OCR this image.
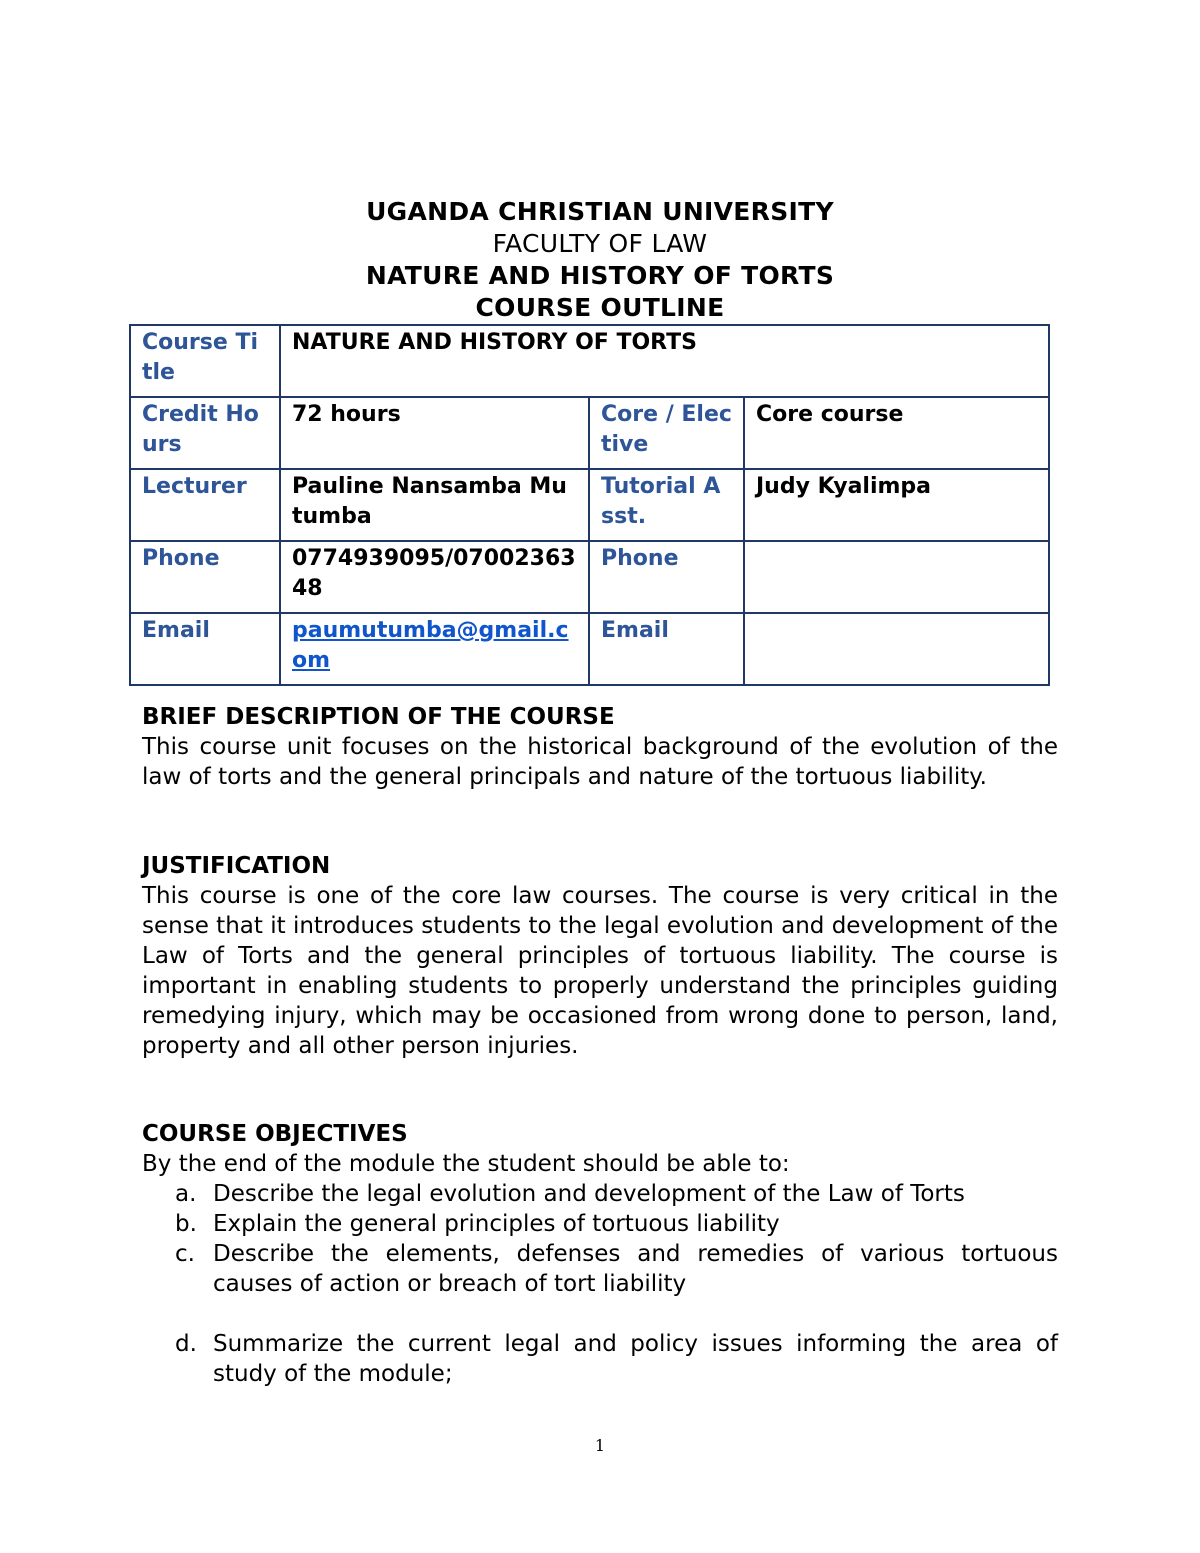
UGANDA CHRISTIAN UNIVERSITY
FACULTY OF LAW
NATURE AND HISTORY OF TORTS
COURSE OUTLINE
Course Title	NATURE AND HISTORY OF TORTS		
Credit Hours	72 hours	Core / Elective	Core course
Lecturer	Pauline Nansamba Mutumba	Tutorial Asst.	Judy Kyalimpa
Phone	0774939095/0700236348	Phone	
Email	paumutumba@gmail.com	Email	
BRIEF DESCRIPTION OF THE COURSE
This course unit focuses on the historical background of the evolution of the law of torts and the general principals and nature of the tortuous liability.
JUSTIFICATION
This course is one of the core law courses. The course is very critical in the sense that it introduces students to the legal evolution and development of the Law of Torts and the general principles of tortuous liability. The course is important in enabling students to properly understand the principles guiding remedying injury, which may be occasioned from wrong done to person, land, property and all other person injuries.
COURSE OBJECTIVES
By the end of the module the student should be able to:
a. Describe the legal evolution and development of the Law of Torts
b. Explain the general principles of tortuous liability
c. Describe the elements, defenses and remedies of various tortuous causes of action or breach of tort liability
d. Summarize the current legal and policy issues informing the area of study of the module;
1
